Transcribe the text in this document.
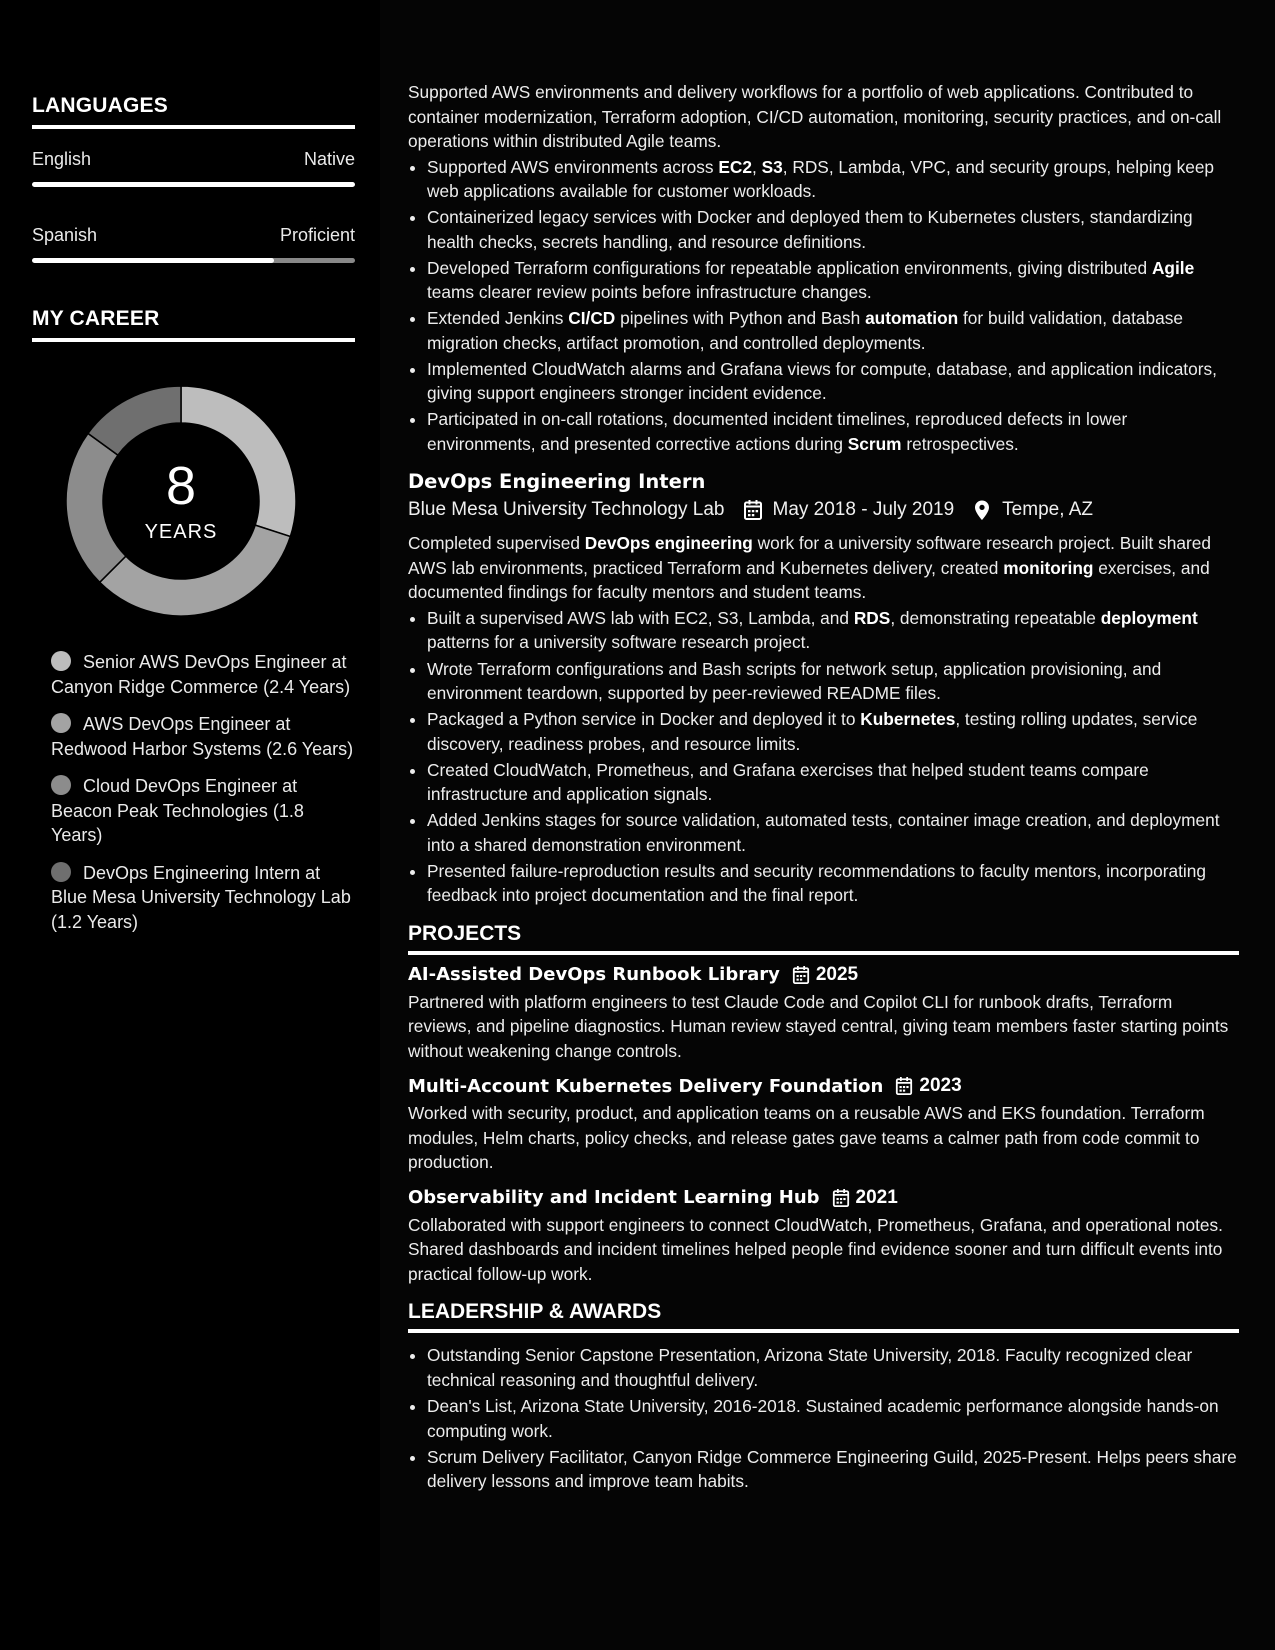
LANGUAGES
English	Native
Spanish	Proficient
MY CAREER
8
YEARS
Senior AWS DevOps Engineer at Canyon Ridge Commerce (2.4 Years)
AWS DevOps Engineer at Redwood Harbor Systems (2.6 Years)
Cloud DevOps Engineer at Beacon Peak Technologies (1.8 Years)
DevOps Engineering Intern at Blue Mesa University Technology Lab (1.2 Years)

Supported AWS environments and delivery workflows for a portfolio of web applications. Contributed to container modernization, Terraform adoption, CI/CD automation, monitoring, security practices, and on-call operations within distributed Agile teams.

• Supported AWS environments across EC2, S3, RDS, Lambda, VPC, and security groups, helping keep web applications available for customer workloads.
• Containerized legacy services with Docker and deployed them to Kubernetes clusters, standardizing health checks, secrets handling, and resource definitions.
• Developed Terraform configurations for repeatable application environments, giving distributed Agile teams clearer review points before infrastructure changes.
• Extended Jenkins CI/CD pipelines with Python and Bash automation for build validation, database migration checks, artifact promotion, and controlled deployments.
• Implemented CloudWatch alarms and Grafana views for compute, database, and application indicators, giving support engineers stronger incident evidence.
• Participated in on-call rotations, documented incident timelines, reproduced defects in lower environments, and presented corrective actions during Scrum retrospectives.
DevOps Engineering Intern
Blue Mesa University Technology Lab	May 2018 - July 2019	Tempe, AZ

Completed supervised DevOps engineering work for a university software research project. Built shared AWS lab environments, practiced Terraform and Kubernetes delivery, created monitoring exercises, and documented findings for faculty mentors and student teams.

• Built a supervised AWS lab with EC2, S3, Lambda, and RDS, demonstrating repeatable deployment patterns for a university software research project.
• Wrote Terraform configurations and Bash scripts for network setup, application provisioning, and environment teardown, supported by peer-reviewed README files.
• Packaged a Python service in Docker and deployed it to Kubernetes, testing rolling updates, service discovery, readiness probes, and resource limits.
• Created CloudWatch, Prometheus, and Grafana exercises that helped student teams compare infrastructure and application signals.
• Added Jenkins stages for source validation, automated tests, container image creation, and deployment into a shared demonstration environment.
• Presented failure-reproduction results and security recommendations to faculty mentors, incorporating feedback into project documentation and the final report.
PROJECTS
AI-Assisted DevOps Runbook Library 2025

Partnered with platform engineers to test Claude Code and Copilot CLI for runbook drafts, Terraform reviews, and pipeline diagnostics. Human review stayed central, giving team members faster starting points without weakening change controls.

Multi-Account Kubernetes Delivery Foundation 2023

Worked with security, product, and application teams on a reusable AWS and EKS foundation. Terraform modules, Helm charts, policy checks, and release gates gave teams a calmer path from code commit to production.

Observability and Incident Learning Hub 2021

Collaborated with support engineers to connect CloudWatch, Prometheus, Grafana, and operational notes. Shared dashboards and incident timelines helped people find evidence sooner and turn difficult events into practical follow-up work.

LEADERSHIP & AWARDS
• Outstanding Senior Capstone Presentation, Arizona State University, 2018. Faculty recognized clear technical reasoning and thoughtful delivery.
• Dean's List, Arizona State University, 2016-2018. Sustained academic performance alongside hands-on computing work.
• Scrum Delivery Facilitator, Canyon Ridge Commerce Engineering Guild, 2025-Present. Helps peers share delivery lessons and improve team habits.
